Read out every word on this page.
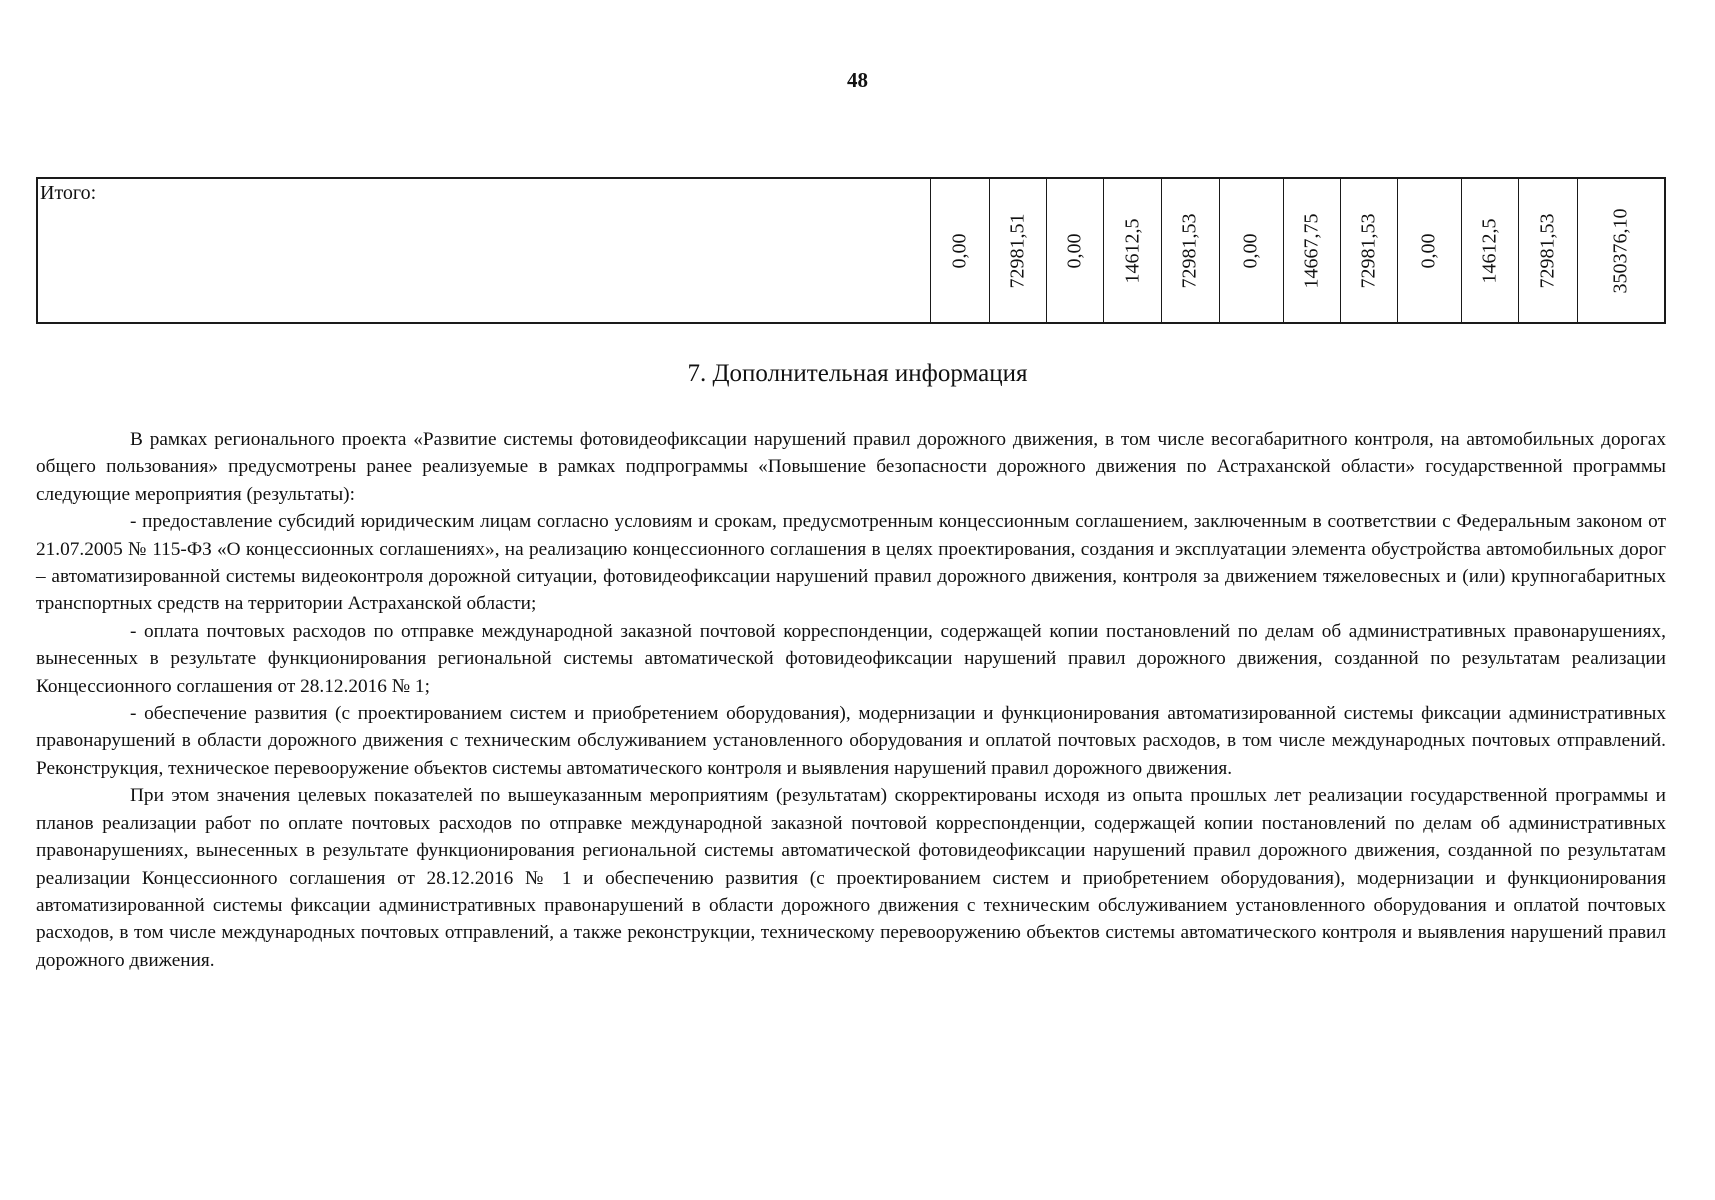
48
Итого:

0,00	72981,51	0,00	14612,5	72981,53	0,00	14667,75	72981,53	0,00	14612,5	72981,53	350376,10
7. Дополнительная информация

В рамках регионального проекта «Развитие системы фотовидеофиксации нарушений правил дорожного движения, в том числе весогабаритного контроля, на автомобильных дорогах общего пользования» предусмотрены ранее реализуемые в рамках подпрограммы «Повышение безопасности дорожного движения по Астраханской области» государственной программы следующие мероприятия (результаты):

- предоставление субсидий юридическим лицам согласно условиям и срокам, предусмотренным концессионным соглашением, заключенным в соответствии с Федеральным законом от 21.07.2005 № 115-ФЗ «О концессионных соглашениях», на реализацию концессионного соглашения в целях проектирования, создания и эксплуатации элемента обустройства автомобильных дорог – автоматизированной системы видеоконтроля дорожной ситуации, фотовидеофиксации нарушений правил дорожного движения, контроля за движением тяжеловесных и (или) крупногабаритных транспортных средств на территории Астраханской области;

- оплата почтовых расходов по отправке международной заказной почтовой корреспонденции, содержащей копии постановлений по делам об административных правонарушениях, вынесенных в результате функционирования региональной системы автоматической фотовидеофиксации нарушений правил дорожного движения, созданной по результатам реализации Концессионного соглашения от 28.12.2016 № 1;

- обеспечение развития (с проектированием систем и приобретением оборудования), модернизации и функционирования автоматизированной системы фиксации административных правонарушений в области дорожного движения с техническим обслуживанием установленного оборудования и оплатой почтовых расходов, в том числе международных почтовых отправлений. Реконструкция, техническое перевооружение объектов системы автоматического контроля и выявления нарушений правил дорожного движения.

При этом значения целевых показателей по вышеуказанным мероприятиям (результатам) скорректированы исходя из опыта прошлых лет реализации государственной программы и планов реализации работ по оплате почтовых расходов по отправке международной заказной почтовой корреспонденции, содержащей копии постановлений по делам об административных правонарушениях, вынесенных в результате функционирования региональной системы автоматической фотовидеофиксации нарушений правил дорожного движения, созданной по результатам реализации Концессионного соглашения от 28.12.2016 № 1 и обеспечению развития (с проектированием систем и приобретением оборудования), модернизации и функционирования автоматизированной системы фиксации административных правонарушений в области дорожного движения с техническим обслуживанием установленного оборудования и оплатой почтовых расходов, в том числе международных почтовых отправлений, а также реконструкции, техническому перевооружению объектов системы автоматического контроля и выявления нарушений правил дорожного движения.
